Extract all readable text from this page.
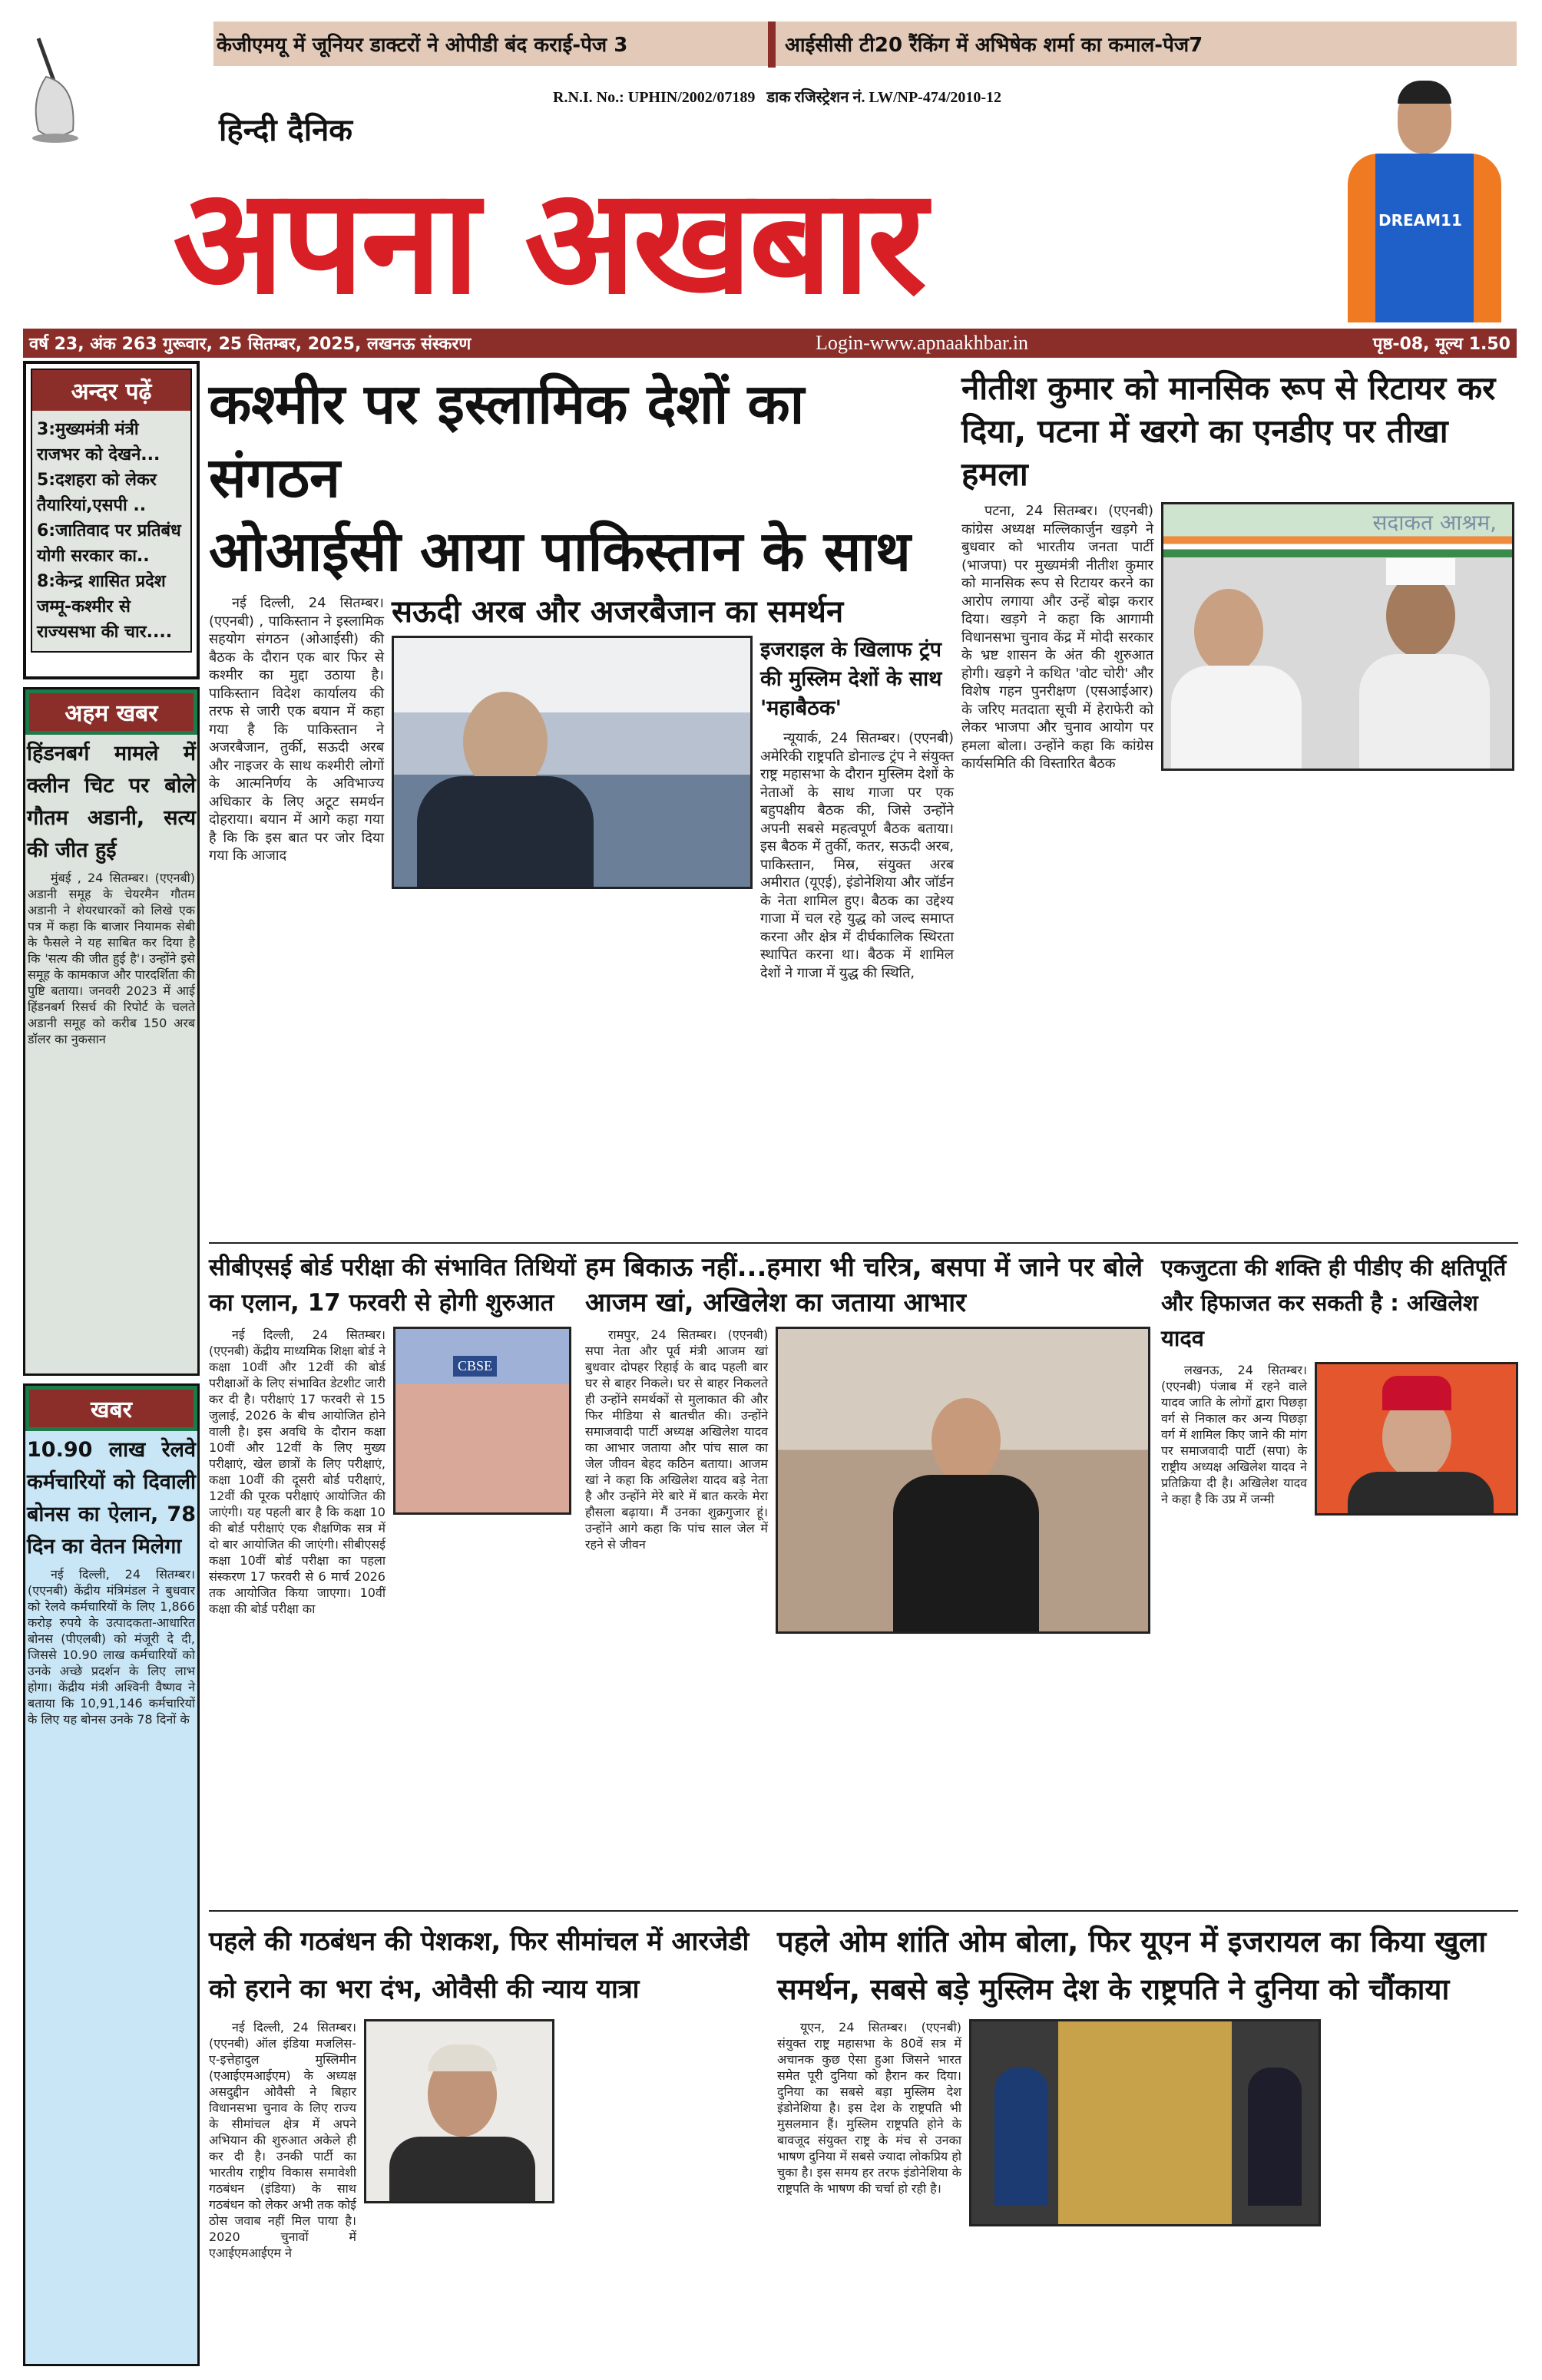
केजीएमयू में जूनियर डाक्टरों ने ओपीडी बंद कराई- पेज 3	आईसीसी टी20 रैंकिंग में अभिषेक शर्मा का कमाल- पेज7
R.N.I. No.: UPHIN/2002/07189 डाक रजिस्ट्रेशन नं. LW/NP-474/2010-12
हिन्दी दैनिक
अपना अखबार	DREAM11
वर्ष 23, अंक 263 गुरूवार, 25 सितम्बर, 2025, लखनऊ संस्करण	Login-www.apnaakhbar.in	पृष्ठ-08, मूल्य 1.50
अन्दर पढ़ें
3:मुख्यमंत्री मंत्री राजभर को देखने...
5:दशहरा को लेकर तैयारियां,एसपी ..
6:जातिवाद पर प्रतिबंध योगी सरकार का..
8:केन्द्र शासित प्रदेश जम्मू-कश्मीर से राज्यसभा की चार....
अहम खबर
हिंडनबर्ग मामले में क्लीन चिट पर बोले गौतम अडानी, सत्य की जीत हुई
मुंबई , 24 सितम्बर। (एएनबी) अडानी समूह के चेयरमैन गौतम अडानी ने शेयरधारकों को लिखे एक पत्र में कहा कि बाजार नियामक सेबी के फैसले ने यह साबित कर दिया है कि 'सत्य की जीत हुई है'। उन्होंने इसे समूह के कामकाज और पारदर्शिता की पुष्टि बताया। जनवरी 2023 में आई हिंडनबर्ग रिसर्च की रिपोर्ट के चलते अडानी समूह को करीब 150 अरब डॉलर का नुकसान
खबर
10.90 लाख रेलवे कर्मचारियों को दिवाली बोनस का ऐलान, 78 दिन का वेतन मिलेगा
नई दिल्ली, 24 सितम्बर। (एएनबी) केंद्रीय मंत्रिमंडल ने बुधवार को रेलवे कर्मचारियों के लिए 1,866 करोड़ रुपये के उत्पादकता-आधारित बोनस (पीएलबी) को मंजूरी दे दी, जिससे 10.90 लाख कर्मचारियों को उनके अच्छे प्रदर्शन के लिए लाभ होगा। केंद्रीय मंत्री अश्विनी वैष्णव ने बताया कि 10,91,146 कर्मचारियों के लिए यह बोनस उनके 78 दिनों के
कश्मीर पर इस्लामिक देशों का संगठन
ओआईसी आया पाकिस्तान के साथ
नई दिल्ली, 24 सितम्बर। (एएनबी) , पाकिस्तान ने इस्लामिक सहयोग संगठन (ओआईसी) की बैठक के दौरान एक बार फिर से कश्मीर का मुद्दा उठाया है। पाकिस्तान विदेश कार्यालय की तरफ से जारी एक बयान में कहा गया है कि पाकिस्तान ने अजरबैजान, तुर्की, सऊदी अरब और नाइजर के साथ कश्मीरी लोगों के आत्मनिर्णय के अविभाज्य अधिकार के लिए अटूट समर्थन दोहराया। बयान में आगे कहा गया है कि कि इस बात पर जोर दिया गया कि आजाद
सऊदी अरब और अजरबैजान का समर्थन
इजराइल के खिलाफ ट्रंप की मुस्लिम देशों के साथ 'महाबैठक'
न्यूयार्क, 24 सितम्बर। (एएनबी) अमेरिकी राष्ट्रपति डोनाल्ड ट्रंप ने संयुक्त राष्ट्र महासभा के दौरान मुस्लिम देशों के नेताओं के साथ गाजा पर एक बहुपक्षीय बैठक की, जिसे उन्होंने अपनी सबसे महत्वपूर्ण बैठक बताया। इस बैठक में तुर्की, कतर, सऊदी अरब, पाकिस्तान, मिस्र, संयुक्त अरब अमीरात (यूएई), इंडोनेशिया और जॉर्डन के नेता शामिल हुए। बैठक का उद्देश्य गाजा में चल रहे युद्ध को जल्द समाप्त करना और क्षेत्र में दीर्घकालिक स्थिरता स्थापित करना था। बैठक में शामिल देशों ने गाजा में युद्ध की स्थिति,
नीतीश कुमार को मानसिक रूप से रिटायर कर दिया, पटना में खरगे का एनडीए पर तीखा हमला
पटना, 24 सितम्बर। (एएनबी) कांग्रेस अध्यक्ष मल्लिकार्जुन खड़गे ने बुधवार को भारतीय जनता पार्टी (भाजपा) पर मुख्यमंत्री नीतीश कुमार को मानसिक रूप से रिटायर करने का आरोप लगाया और उन्हें बोझ करार दिया। खड़गे ने कहा कि आगामी विधानसभा चुनाव केंद्र में मोदी सरकार के भ्रष्ट शासन के अंत की शुरुआत होगी। खड़गे ने कथित 'वोट चोरी' और विशेष गहन पुनरीक्षण (एसआईआर) के जरिए मतदाता सूची में हेराफेरी को लेकर भाजपा और चुनाव आयोग पर हमला बोला। उन्होंने कहा कि कांग्रेस कार्यसमिति की विस्तारित बैठक
सदाकत आश्रम,
सीबीएसई बोर्ड परीक्षा की संभावित तिथियों का एलान, 17 फरवरी से होगी शुरुआत
नई दिल्ली, 24 सितम्बर। (एएनबी) केंद्रीय माध्यमिक शिक्षा बोर्ड ने कक्षा 10वीं और 12वीं की बोर्ड परीक्षाओं के लिए संभावित डेटशीट जारी कर दी है। परीक्षाएं 17 फरवरी से 15 जुलाई, 2026 के बीच आयोजित होने वाली है। इस अवधि के दौरान कक्षा 10वीं और 12वीं के लिए मुख्य परीक्षाएं, खेल छात्रों के लिए परीक्षाएं, कक्षा 10वीं की दूसरी बोर्ड परीक्षाएं, 12वीं की पूरक परीक्षाएं आयोजित की जाएंगी। यह पहली बार है कि कक्षा 10 की बोर्ड परीक्षाएं एक शैक्षणिक सत्र में दो बार आयोजित की जाएंगी। सीबीएसई कक्षा 10वीं बोर्ड परीक्षा का पहला संस्करण 17 फरवरी से 6 मार्च 2026 तक आयोजित किया जाएगा। 10वीं कक्षा की बोर्ड परीक्षा का
CBSE
हम बिकाऊ नहीं...हमारा भी चरित्र, बसपा में जाने पर बोले आजम खां, अखिलेश का जताया आभार
रामपुर, 24 सितम्बर। (एएनबी) सपा नेता और पूर्व मंत्री आजम खां बुधवार दोपहर रिहाई के बाद पहली बार घर से बाहर निकले। घर से बाहर निकलते ही उन्होंने समर्थकों से मुलाकात की और फिर मीडिया से बातचीत की। उन्होंने समाजवादी पार्टी अध्यक्ष अखिलेश यादव का आभार जताया और पांच साल का जेल जीवन बेहद कठिन बताया। आजम खां ने कहा कि अखिलेश यादव बड़े नेता है और उन्होंने मेरे बारे में बात करके मेरा हौसला बढ़ाया। मैं उनका शुक्रगुजार हूं। उन्होंने आगे कहा कि पांच साल जेल में रहने से जीवन
एकजुटता की शक्ति ही पीडीए की क्षतिपूर्ति और हिफाजत कर सकती है : अखिलेश यादव
लखनऊ, 24 सितम्बर। (एएनबी) पंजाब में रहने वाले यादव जाति के लोगों द्वारा पिछड़ा वर्ग से निकाल कर अन्य पिछड़ा वर्ग में शामिल किए जाने की मांग पर समाजवादी पार्टी (सपा) के राष्ट्रीय अध्यक्ष अखिलेश यादव ने प्रतिक्रिया दी है। अखिलेश यादव ने कहा है कि उप्र में जन्मी
पहले की गठबंधन की पेशकश, फिर सीमांचल में आरजेडी को हराने का भरा दंभ, ओवैसी की न्याय यात्रा
नई दिल्ली, 24 सितम्बर। (एएनबी) ऑल इंडिया मजलिस-ए-इत्तेहादुल मुस्लिमीन (एआईएमआईएम) के अध्यक्ष असदुद्दीन ओवैसी ने बिहार विधानसभा चुनाव के लिए राज्य के सीमांचल क्षेत्र में अपने अभियान की शुरुआत अकेले ही कर दी है। उनकी पार्टी का भारतीय राष्ट्रीय विकास समावेशी गठबंधन (इंडिया) के साथ गठबंधन को लेकर अभी तक कोई ठोस जवाब नहीं मिल पाया है। 2020 चुनावों में एआईएमआईएम ने
पहले ओम शांति ओम बोला, फिर यूएन में इजरायल का किया खुला समर्थन, सबसे बड़े मुस्लिम देश के राष्ट्रपति ने दुनिया को चौंकाया
यूएन, 24 सितम्बर। (एएनबी) संयुक्त राष्ट्र महासभा के 80वें सत्र में अचानक कुछ ऐसा हुआ जिसने भारत समेत पूरी दुनिया को हैरान कर दिया। दुनिया का सबसे बड़ा मुस्लिम देश इंडोनेशिया है। इस देश के राष्ट्रपति भी मुसलमान हैं। मुस्लिम राष्ट्रपति होने के बावजूद संयुक्त राष्ट्र के मंच से उनका भाषण दुनिया में सबसे ज्यादा लोकप्रिय हो चुका है। इस समय हर तरफ इंडोनेशिया के राष्ट्रपति के भाषण की चर्चा हो रही है।
